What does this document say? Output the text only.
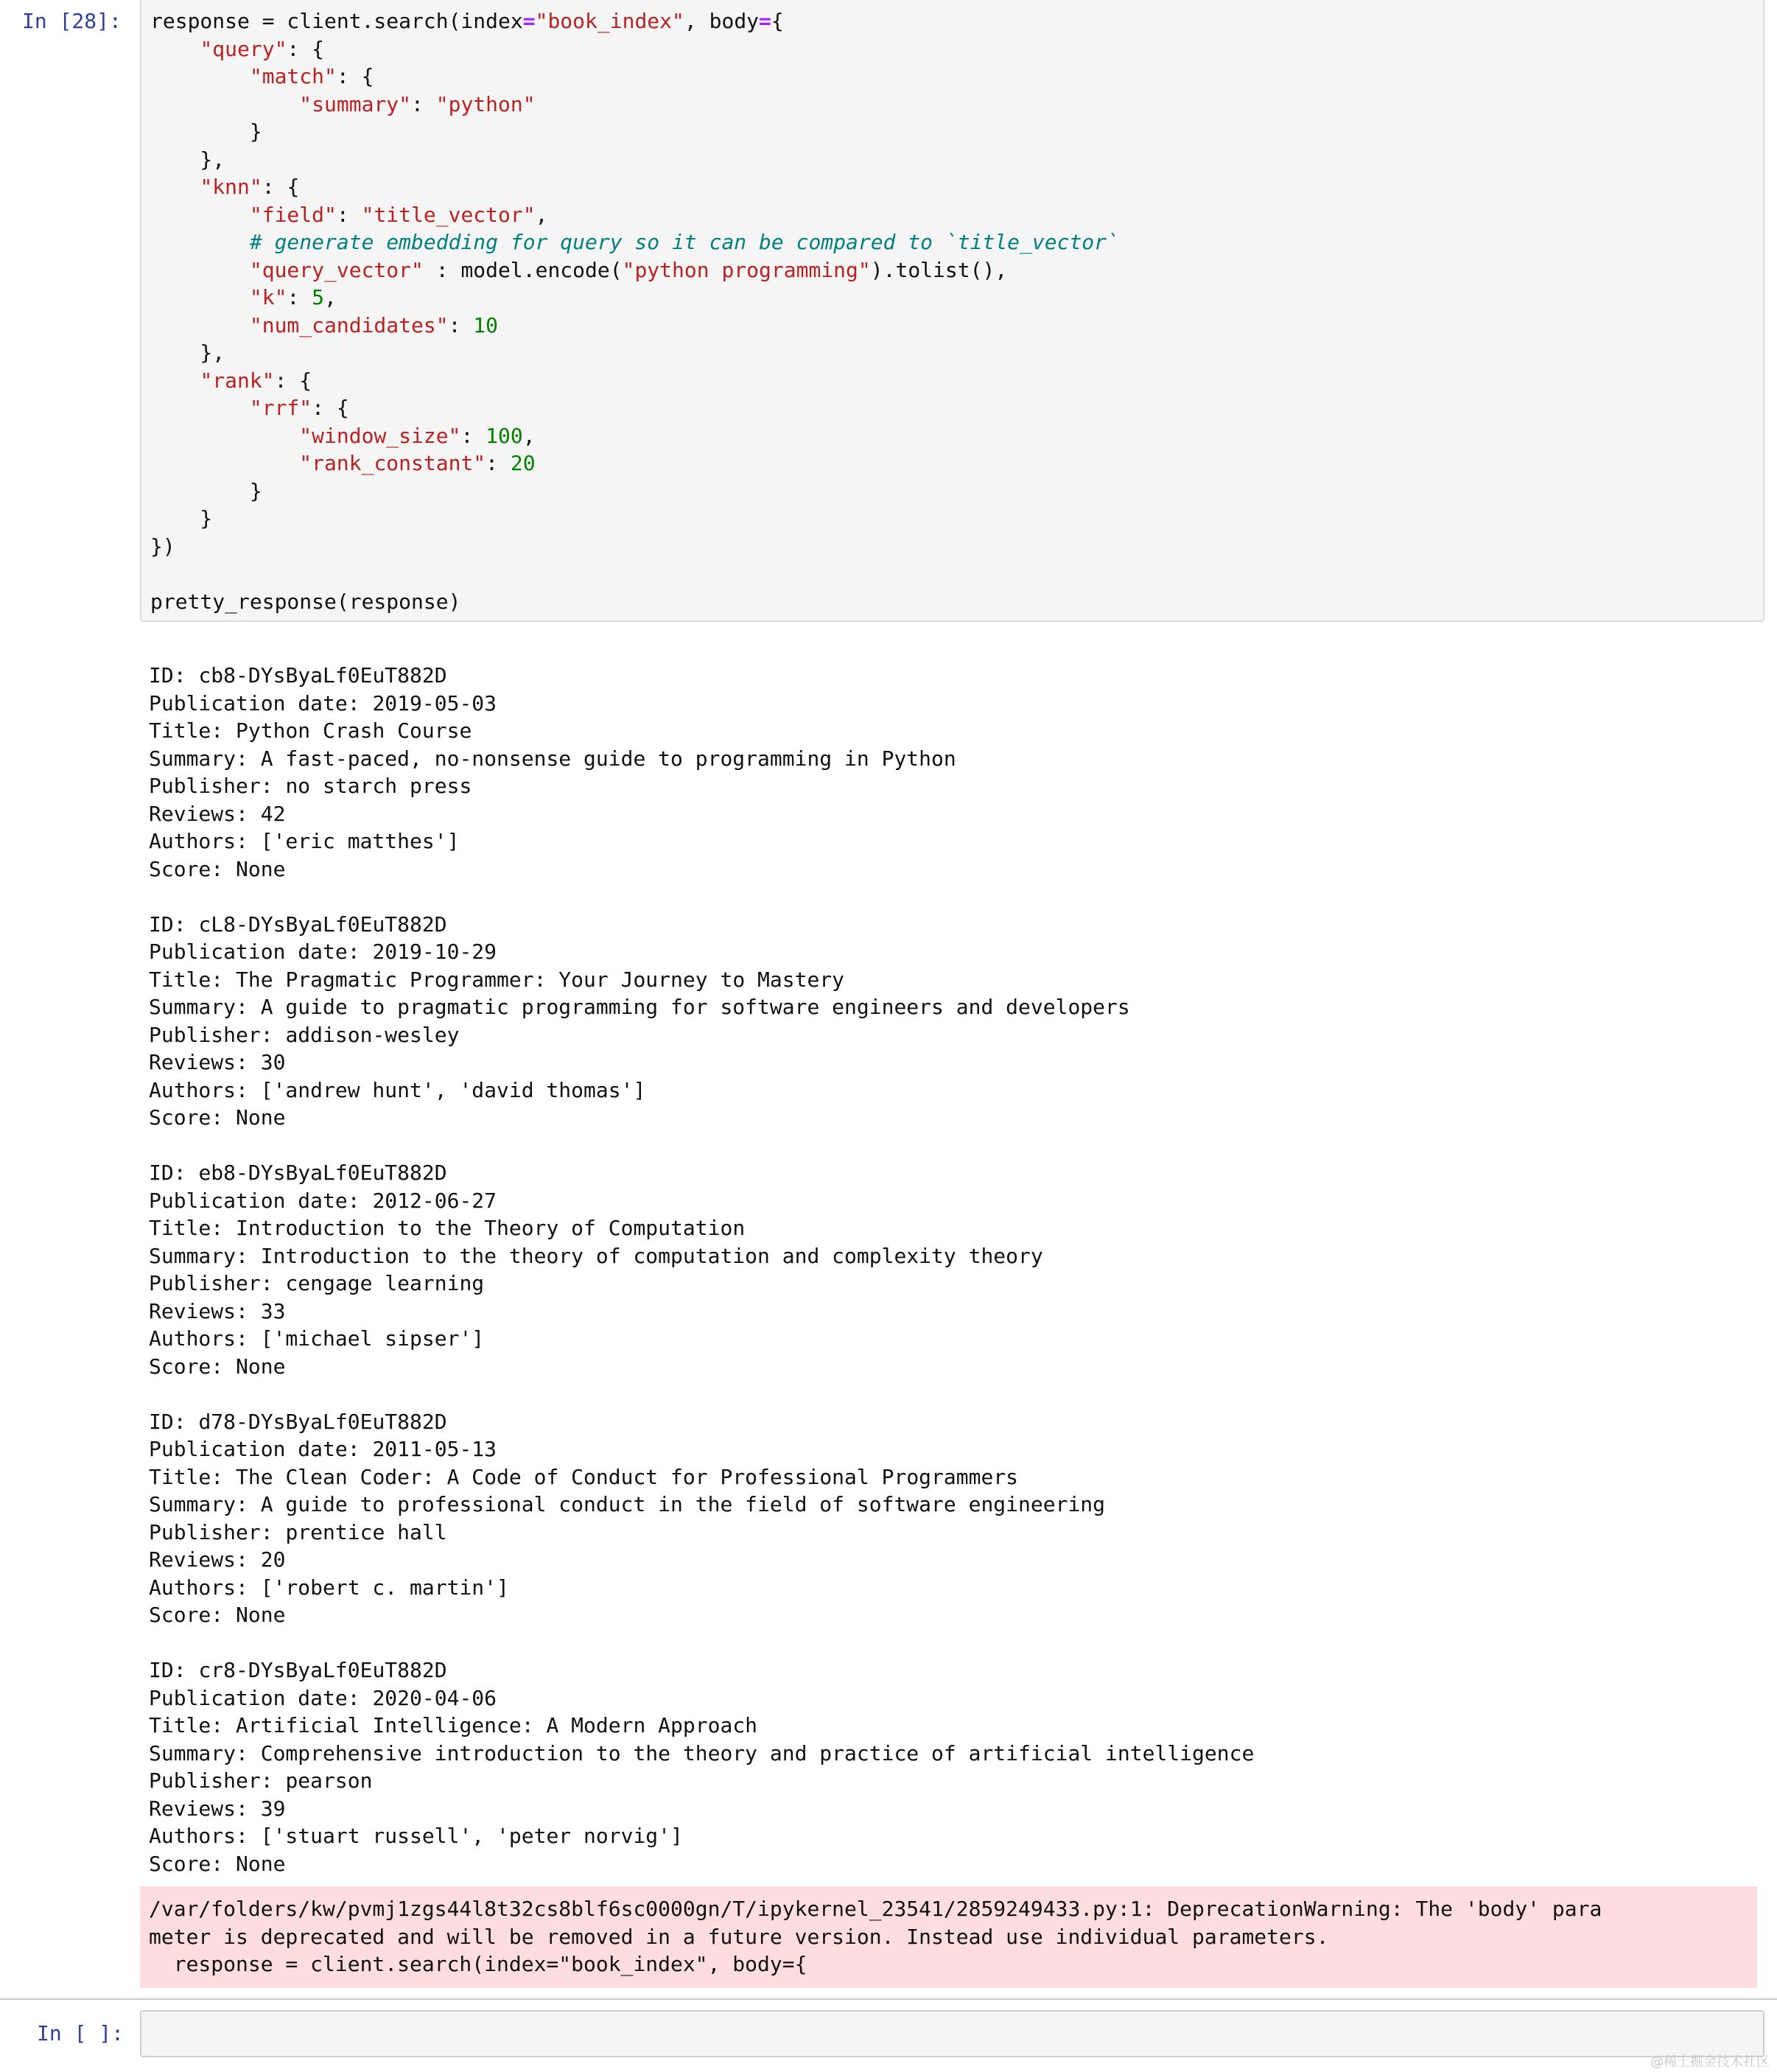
In [28]: response = client.search(index="book_index", body={
"query": {
"match": {
"summary": "python"
}
},
"knn": {
"field": "title_vector",
# generate embedding for query so it can be compared to `title_vector`
"query_vector" : model.encode("python programming").tolist(),
"k": 5,
"num_candidates": 10
},
"rank": {
"rrf": {
"window_size": 100,
"rank_constant": 20
}
}
})

pretty_response(response)
ID: cb8-DYsByaLf0EuT882D
Publication date: 2019-05-03
Title: Python Crash Course
Summary: A fast-paced, no-nonsense guide to programming in Python
Publisher: no starch press
Reviews: 42
Authors: ['eric matthes']
Score: None
ID: cL8-DYsByaLf0EuT882D
Publication date: 2019-10-29
Title: The Pragmatic Programmer: Your Journey to Mastery
Summary: A guide to pragmatic programming for software engineers and developers
Publisher: addison-wesley
Reviews: 30
Authors: ['andrew hunt', 'david thomas']
Score: None
ID: eb8-DYsByaLf0EuT882D
Publication date: 2012-06-27
Title: Introduction to the Theory of Computation
Summary: Introduction to the theory of computation and complexity theory
Publisher: cengage learning
Reviews: 33
Authors: ['michael sipser']
Score: None
ID: d78-DYsByaLf0EuT882D
Publication date: 2011-05-13
Title: The Clean Coder: A Code of Conduct for Professional Programmers
Summary: A guide to professional conduct in the field of software engineering
Publisher: prentice hall
Reviews: 20
Authors: ['robert c. martin']
Score: None
ID: cr8-DYsByaLf0EuT882D
Publication date: 2020-04-06
Title: Artificial Intelligence: A Modern Approach
Summary: Comprehensive introduction to the theory and practice of artificial intelligence
Publisher: pearson
Reviews: 39
Authors: ['stuart russell', 'peter norvig']
Score: None
/var/folders/kw/pvmj1zgs44l8t32cs8blf6sc0000gn/T/ipykernel_23541/2859249433.py:1: DeprecationWarning: The 'body' para
meter is deprecated and will be removed in a future version. Instead use individual parameters.
response = client.search(index="book_index", body={
In [ ]:
@稀土掘金技术社区
